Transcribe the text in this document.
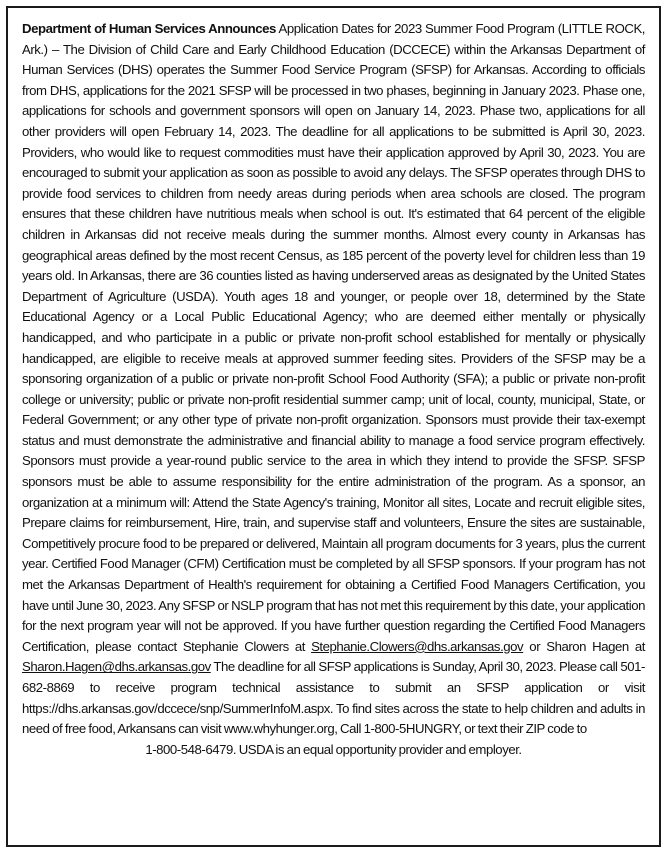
Department of Human Services Announces Application Dates for 2023 Summer Food Program (LITTLE ROCK, Ark.) – The Division of Child Care and Early Childhood Education (DCCECE) within the Arkansas Department of Human Services (DHS) operates the Summer Food Service Program (SFSP) for Arkansas. According to officials from DHS, applications for the 2021 SFSP will be processed in two phases, beginning in January 2023. Phase one, applications for schools and government sponsors will open on January 14, 2023. Phase two, applications for all other providers will open February 14, 2023. The deadline for all applications to be submitted is April 30, 2023. Providers, who would like to request commodities must have their application approved by April 30, 2023. You are encouraged to submit your application as soon as possible to avoid any delays. The SFSP operates through DHS to provide food services to children from needy areas during periods when area schools are closed. The program ensures that these children have nutritious meals when school is out. It's estimated that 64 percent of the eligible children in Arkansas did not receive meals during the summer months. Almost every county in Arkansas has geographical areas defined by the most recent Census, as 185 percent of the poverty level for children less than 19 years old. In Arkansas, there are 36 counties listed as having underserved areas as designated by the United States Department of Agriculture (USDA). Youth ages 18 and younger, or people over 18, determined by the State Educational Agency or a Local Public Educational Agency; who are deemed either mentally or physically handicapped, and who participate in a public or private non-profit school established for mentally or physically handicapped, are eligible to receive meals at approved summer feeding sites. Providers of the SFSP may be a sponsoring organization of a public or private non-profit School Food Authority (SFA); a public or private non-profit college or university; public or private non-profit residential summer camp; unit of local, county, municipal, State, or Federal Government; or any other type of private non-profit organization. Sponsors must provide their tax-exempt status and must demonstrate the administrative and financial ability to manage a food service program effectively. Sponsors must provide a year-round public service to the area in which they intend to provide the SFSP. SFSP sponsors must be able to assume responsibility for the entire administration of the program. As a sponsor, an organization at a minimum will: Attend the State Agency's training, Monitor all sites, Locate and recruit eligible sites, Prepare claims for reimbursement, Hire, train, and supervise staff and volunteers, Ensure the sites are sustainable, Competitively procure food to be prepared or delivered, Maintain all program documents for 3 years, plus the current year. Certified Food Manager (CFM) Certification must be completed by all SFSP sponsors. If your program has not met the Arkansas Department of Health's requirement for obtaining a Certified Food Managers Certification, you have until June 30, 2023. Any SFSP or NSLP program that has not met this requirement by this date, your application for the next program year will not be approved. If you have further question regarding the Certified Food Managers Certification, please contact Stephanie Clowers at Stephanie.Clowers@dhs.arkansas.gov or Sharon Hagen at Sharon.Hagen@dhs.arkansas.gov The deadline for all SFSP applications is Sunday, April 30, 2023. Please call 501-682-8869 to receive program technical assistance to submit an SFSP application or visit https://dhs.arkansas.gov/dccece/snp/SummerInfoM.aspx. To find sites across the state to help children and adults in need of free food, Arkansans can visit www.whyhunger.org, Call 1-800-5HUNGRY, or text their ZIP code to
1-800-548-6479. USDA is an equal opportunity provider and employer.
